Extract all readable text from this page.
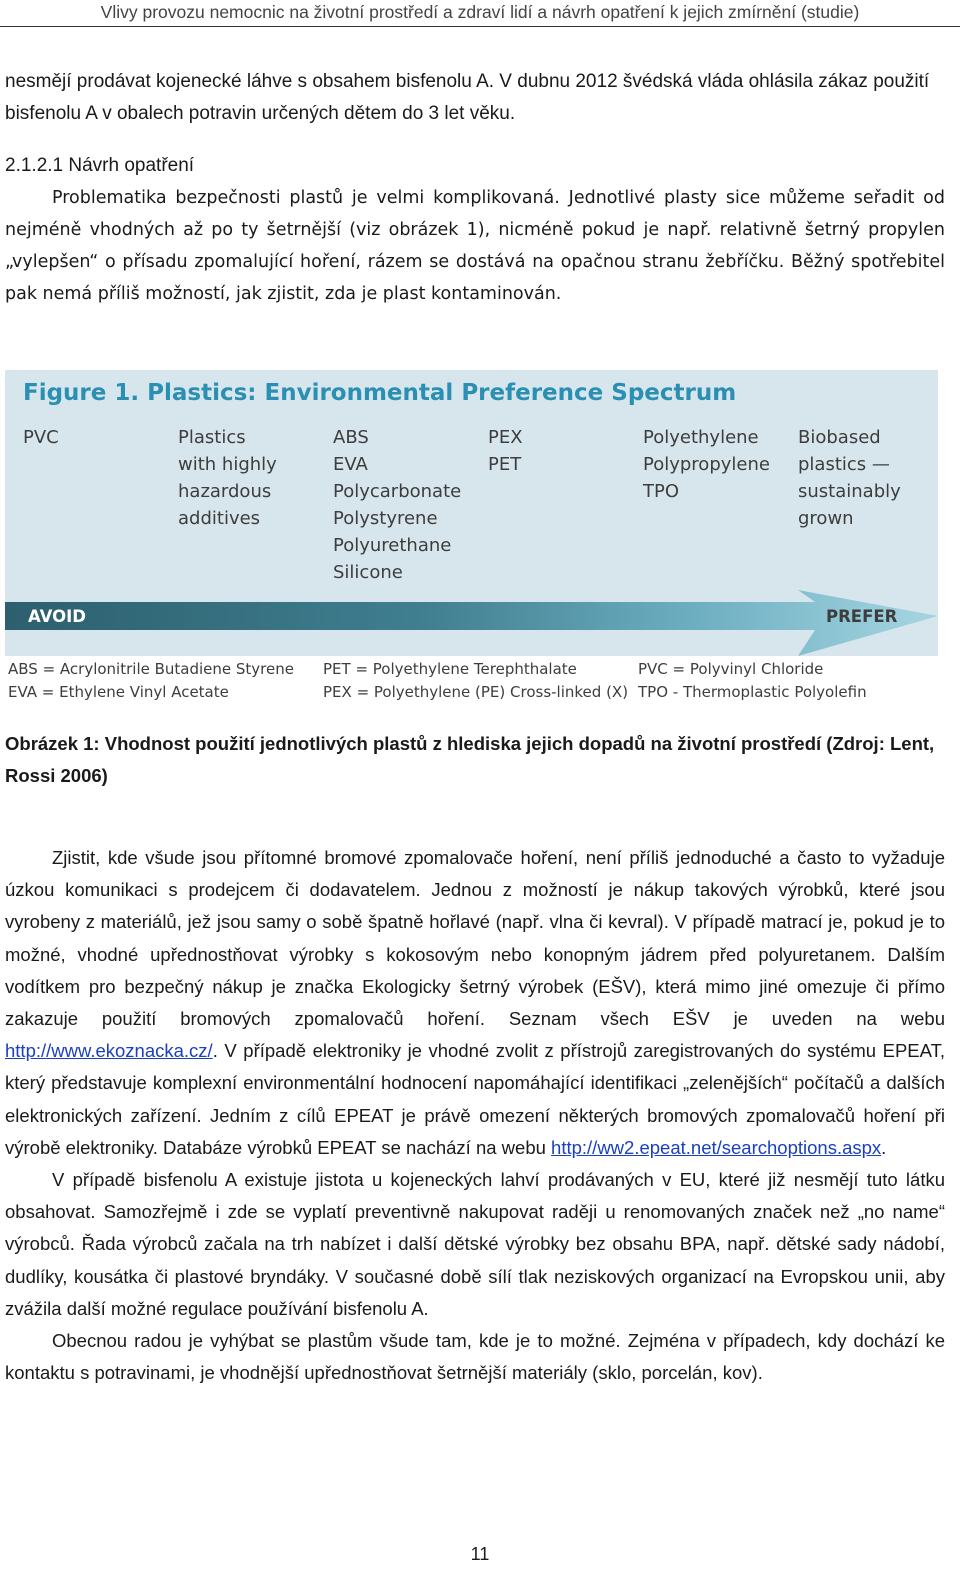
Vlivy provozu nemocnic na životní prostředí a zdraví lidí a návrh opatření k jejich zmírnění (studie)

nesmějí prodávat kojenecké láhve s obsahem bisfenolu A. V dubnu 2012 švédská vláda ohlásila zákaz použití bisfenolu A v obalech potravin určených dětem do 3 let věku.

2.1.2.1 Návrh opatření

Problematika bezpečnosti plastů je velmi komplikovaná. Jednotlivé plasty sice můžeme seřadit od nejméně vhodných až po ty šetrnější (viz obrázek 1), nicméně pokud je např. relativně šetrný propylen „vylepšen“ o přísadu zpomalující hoření, rázem se dostává na opačnou stranu žebříčku. Běžný spotřebitel pak nemá příliš možností, jak zjistit, zda je plast kontaminován.

Figure 1. Plastics: Environmental Preference Spectrum
PVC	Plastics
with highly
hazardous
additives
ABS
EVA
Polycarbonate
Polystyrene
Polyurethane
Silicone
PEX
PET
Polyethylene
Polypropylene
TPO
Biobased
plastics —
sustainably
grown
AVOID	PREFER
ABS = Acrylonitrile Butadiene Styrene
EVA = Ethylene Vinyl Acetate
PET = Polyethylene Terephthalate
PEX = Polyethylene (PE) Cross-linked (X)
PVC = Polyvinyl Chloride
TPO - Thermoplastic Polyolefin
Obrázek 1: Vhodnost použití jednotlivých plastů z hlediska jejich dopadů na životní prostředí (Zdroj: Lent, Rossi 2006)

Zjistit, kde všude jsou přítomné bromové zpomalovače hoření, není příliš jednoduché a často to vyžaduje úzkou komunikaci s prodejcem či dodavatelem. Jednou z možností je nákup takových výrobků, které jsou vyrobeny z materiálů, jež jsou samy o sobě špatně hořlavé (např. vlna či kevral). V případě matrací je, pokud je to možné, vhodné upřednostňovat výrobky s kokosovým nebo konopným jádrem před polyuretanem. Dalším vodítkem pro bezpečný nákup je značka Ekologicky šetrný výrobek (EŠV), která mimo jiné omezuje či přímo zakazuje použití bromových zpomalovačů hoření. Seznam všech EŠV je uveden na webu http://www.ekoznacka.cz/. V případě elektroniky je vhodné zvolit z přístrojů zaregistrovaných do systému EPEAT, který představuje komplexní environmentální hodnocení napomáhající identifikaci „zelenějších“ počítačů a dalších elektronických zařízení. Jedním z cílů EPEAT je právě omezení některých bromových zpomalovačů hoření při výrobě elektroniky. Databáze výrobků EPEAT se nachází na webu http://ww2.epeat.net/searchoptions.aspx.

V případě bisfenolu A existuje jistota u kojeneckých lahví prodávaných v EU, které již nesmějí tuto látku obsahovat. Samozřejmě i zde se vyplatí preventivně nakupovat raději u renomovaných značek než „no name“ výrobců. Řada výrobců začala na trh nabízet i další dětské výrobky bez obsahu BPA, např. dětské sady nádobí, dudlíky, kousátka či plastové bryndáky. V současné době sílí tlak neziskových organizací na Evropskou unii, aby zvážila další možné regulace používání bisfenolu A.

Obecnou radou je vyhýbat se plastům všude tam, kde je to možné. Zejména v případech, kdy dochází ke kontaktu s potravinami, je vhodnější upřednostňovat šetrnější materiály (sklo, porcelán, kov).

11
